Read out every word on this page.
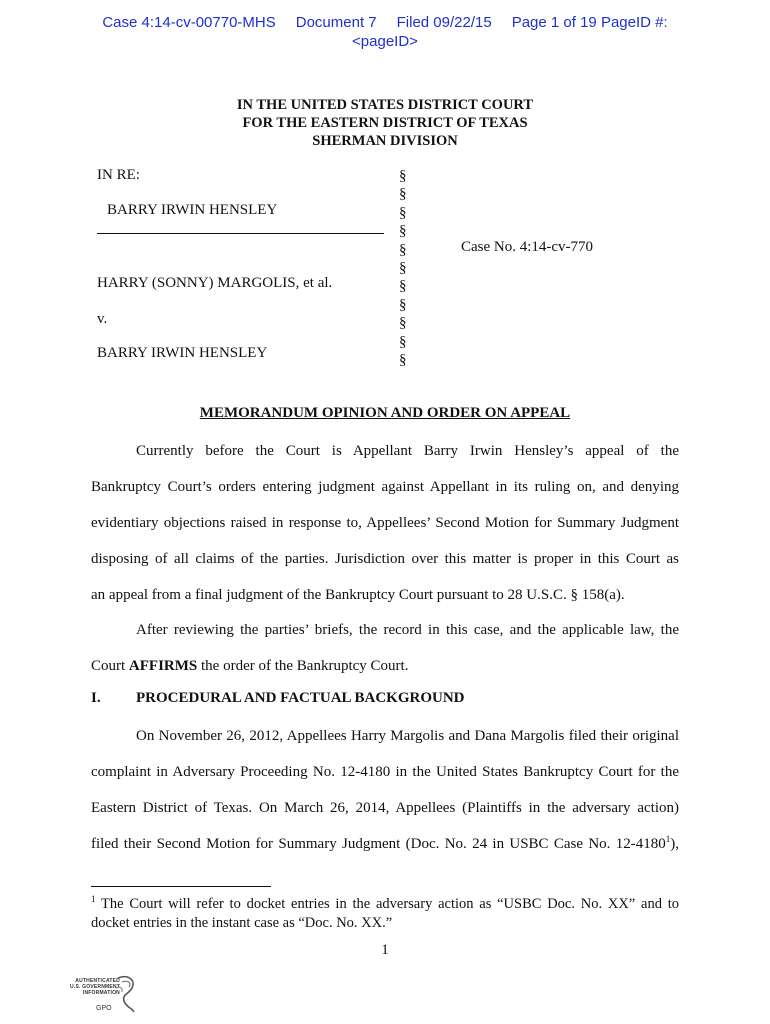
Case 4:14-cv-00770-MHS Document 7 Filed 09/22/15 Page 1 of 19 PageID #:
<pageID>
IN THE UNITED STATES DISTRICT COURT
FOR THE EASTERN DISTRICT OF TEXAS
SHERMAN DIVISION
IN RE:
BARRY IRWIN HENSLEY
HARRY (SONNY) MARGOLIS, et al.
v.
BARRY IRWIN HENSLEY
§
§
§
§
§
§
§
§
§
§
§
Case No. 4:14-cv-770
MEMORANDUM OPINION AND ORDER ON APPEAL
Currently before the Court is Appellant Barry Irwin Hensley’s appeal of the
Bankruptcy Court’s orders entering judgment against Appellant in its ruling on, and denying
evidentiary objections raised in response to, Appellees’ Second Motion for Summary Judgment
disposing of all claims of the parties. Jurisdiction over this matter is proper in this Court as
an appeal from a final judgment of the Bankruptcy Court pursuant to 28 U.S.C. § 158(a).
After reviewing the parties’ briefs, the record in this case, and the applicable law, the
Court AFFIRMS the order of the Bankruptcy Court.
I. PROCEDURAL AND FACTUAL BACKGROUND
On November 26, 2012, Appellees Harry Margolis and Dana Margolis filed their original
complaint in Adversary Proceeding No. 12-4180 in the United States Bankruptcy Court for the
Eastern District of Texas. On March 26, 2014, Appellees (Plaintiffs in the adversary action)
filed their Second Motion for Summary Judgment (Doc. No. 24 in USBC Case No. 12-4180$^1$),
$^1$ The Court will refer to docket entries in the adversary action as “USBC Doc. No. XX” and to
docket entries in the instant case as “Doc. No. XX.”
1
AUTHENTICATED
U.S. GOVERNMENT
INFORMATION
GPO
